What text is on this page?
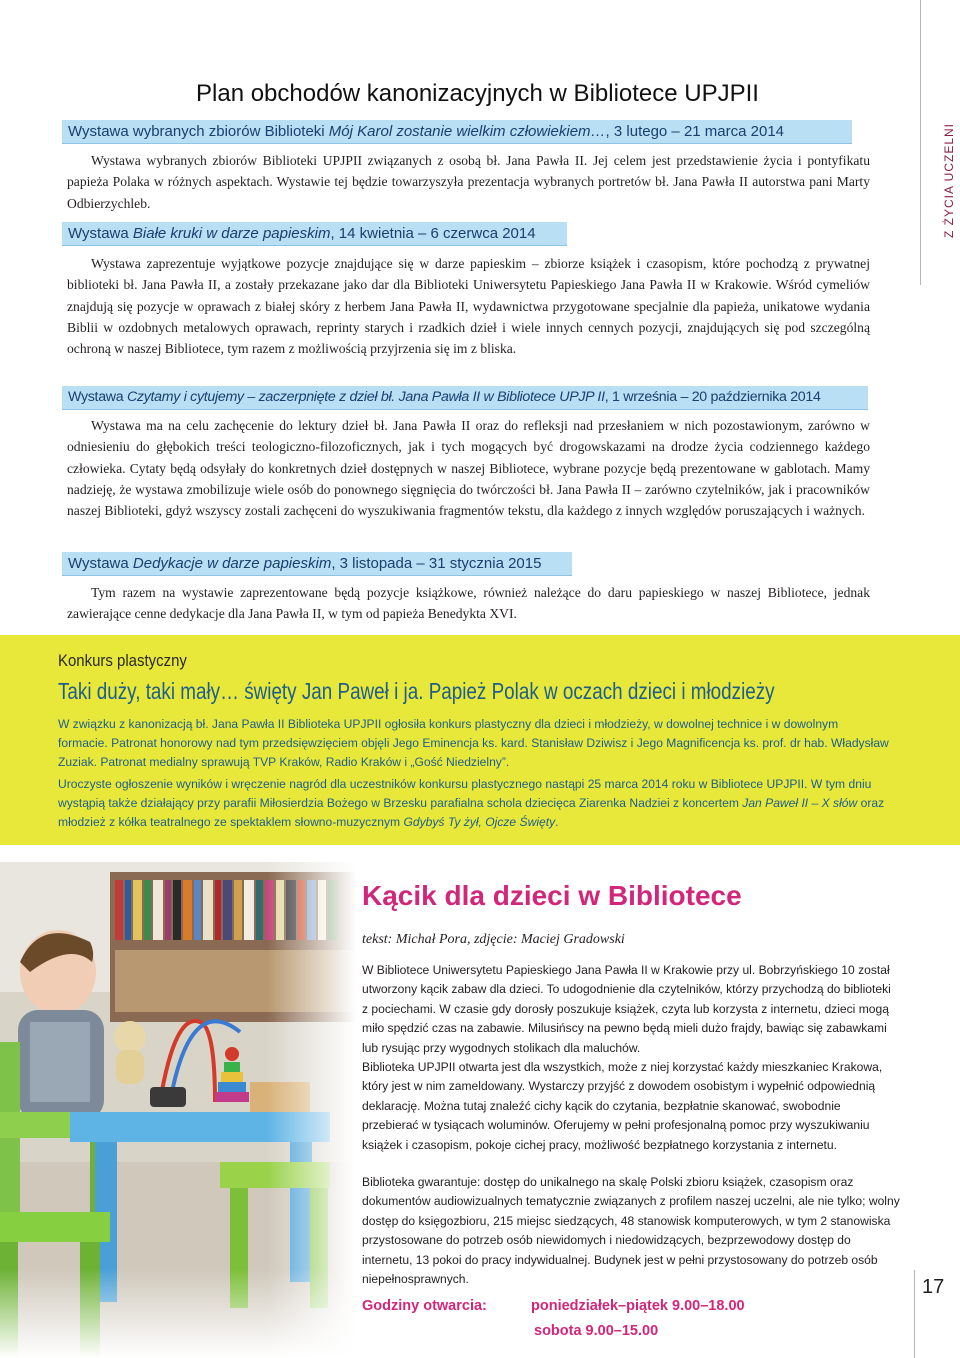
Z ŻYCIA UCZELNI
Plan obchodów kanonizacyjnych w Bibliotece UPJPII
Wystawa wybranych zbiorów Biblioteki Mój Karol zostanie wielkim człowiekiem…, 3 lutego – 21 marca 2014

Wystawa wybranych zbiorów Biblioteki UPJPII związanych z osobą bł. Jana Pawła II. Jej celem jest przedstawienie życia i pontyfikatu papieża Polaka w różnych aspektach. Wystawie tej będzie towarzyszyła prezentacja wybranych portretów bł. Jana Pawła II autorstwa pani Marty Odbierzychleb.

Wystawa Białe kruki w darze papieskim, 14 kwietnia – 6 czerwca 2014

Wystawa zaprezentuje wyjątkowe pozycje znajdujące się w darze papieskim – zbiorze książek i czasopism, które pochodzą z prywatnej biblioteki bł. Jana Pawła II, a zostały przekazane jako dar dla Biblioteki Uniwersytetu Papieskiego Jana Pawła II w Krakowie. Wśród cymeliów znajdują się pozycje w oprawach z białej skóry z herbem Jana Pawła II, wydawnictwa przygotowane specjalnie dla papieża, unikatowe wydania Biblii w ozdobnych metalowych oprawach, reprinty starych i rzadkich dzieł i wiele innych cennych pozycji, znajdujących się pod szczególną ochroną w naszej Bibliotece, tym razem z możliwością przyjrzenia się im z bliska.

Wystawa Czytamy i cytujemy – zaczerpnięte z dzieł bł. Jana Pawła II w Bibliotece UPJP II, 1 września – 20 października 2014

Wystawa ma na celu zachęcenie do lektury dzieł bł. Jana Pawła II oraz do refleksji nad przesłaniem w nich pozostawionym, zarówno w odniesieniu do głębokich treści teologiczno-filozoficznych, jak i tych mogących być drogowskazami na drodze życia codziennego każdego człowieka. Cytaty będą odsyłały do konkretnych dzieł dostępnych w naszej Bibliotece, wybrane pozycje będą prezentowane w gablotach. Mamy nadzieję, że wystawa zmobilizuje wiele osób do ponownego sięgnięcia do twórczości bł. Jana Pawła II – zarówno czytelników, jak i pracowników naszej Biblioteki, gdyż wszyscy zostali zachęceni do wyszukiwania fragmentów tekstu, dla każdego z innych względów poruszających i ważnych.

Wystawa Dedykacje w darze papieskim, 3 listopada – 31 stycznia 2015

Tym razem na wystawie zaprezentowane będą pozycje książkowe, również należące do daru papieskiego w naszej Bibliotece, jednak zawierające cenne dedykacje dla Jana Pawła II, w tym od papieża Benedykta XVI.

Konkurs plastyczny
Taki duży, taki mały… święty Jan Paweł i ja. Papież Polak w oczach dzieci i młodzieży

W związku z kanonizacją bł. Jana Pawła II Biblioteka UPJPII ogłosiła konkurs plastyczny dla dzieci i młodzieży, w dowolnej technice i w dowolnym formacie. Patronat honorowy nad tym przedsięwzięciem objęli Jego Eminencja ks. kard. Stanisław Dziwisz i Jego Magnificencja ks. prof. dr hab. Władysław Zuziak. Patronat medialny sprawują TVP Kraków, Radio Kraków i „Gość Niedzielny”.

Uroczyste ogłoszenie wyników i wręczenie nagród dla uczestników konkursu plastycznego nastąpi 25 marca 2014 roku w Bibliotece UPJPII. W tym dniu wystąpią także działający przy parafii Miłosierdzia Bożego w Brzesku parafialna schola dziecięca Ziarenka Nadziei z koncertem Jan Paweł II – X słów oraz młodzież z kółka teatralnego ze spektaklem słowno-muzycznym Gdybyś Ty żył, Ojcze Święty.

Kącik dla dzieci w Bibliotece
tekst: Michał Pora, zdjęcie: Maciej Gradowski

W Bibliotece Uniwersytetu Papieskiego Jana Pawła II w Krakowie przy ul. Bobrzyńskiego 10 został utworzony kącik zabaw dla dzieci. To udogodnienie dla czytelników, którzy przychodzą do biblioteki z pociechami. W czasie gdy dorosły poszukuje książek, czyta lub korzysta z internetu, dzieci mogą miło spędzić czas na zabawie. Milusińscy na pewno będą mieli dużo frajdy, bawiąc się zabawkami lub rysując przy wygodnych stolikach dla maluchów.

Biblioteka UPJPII otwarta jest dla wszystkich, może z niej korzystać każdy mieszkaniec Krakowa, który jest w nim zameldowany. Wystarczy przyjść z dowodem osobistym i wypełnić odpowiednią deklarację. Można tutaj znaleźć cichy kącik do czytania, bezpłatnie skanować, swobodnie przebierać w tysiącach woluminów. Oferujemy w pełni profesjonalną pomoc przy wyszukiwaniu książek i czasopism, pokoje cichej pracy, możliwość bezpłatnego korzystania z internetu.

Biblioteka gwarantuje: dostęp do unikalnego na skalę Polski zbioru książek, czasopism oraz dokumentów audiowizualnych tematycznie związanych z profilem naszej uczelni, ale nie tylko; wolny dostęp do księgozbioru, 215 miejsc siedzących, 48 stanowisk komputerowych, w tym 2 stanowiska przystosowane do potrzeb osób niewidomych i niedowidzących, bezprzewodowy dostęp do internetu, 13 pokoi do pracy indywidualnej. Budynek jest w pełni przystosowany do potrzeb osób niepełnosprawnych.

Godziny otwarcia:	poniedziałek–piątek 9.00–18.00
sobota 9.00–15.00
17
